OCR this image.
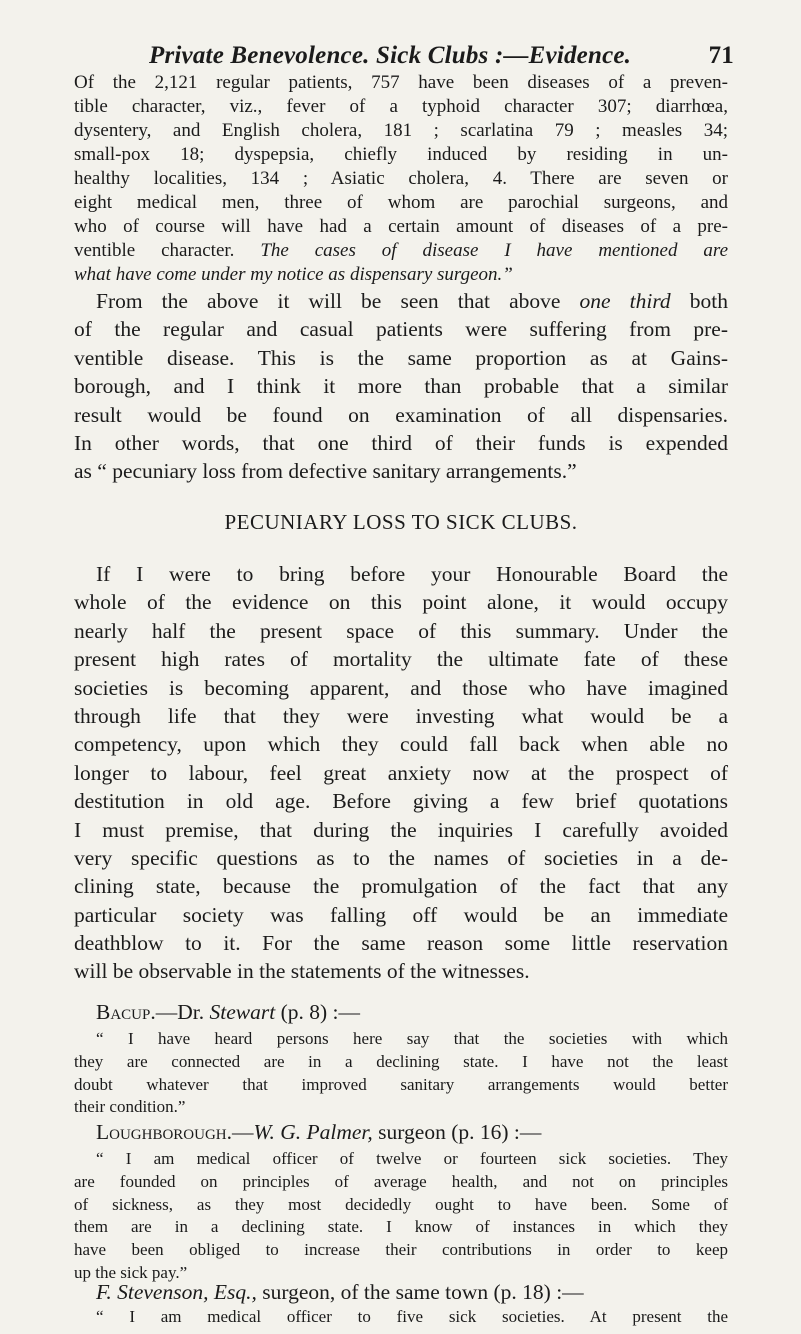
Private Benevolence. Sick Clubs :—Evidence.	71
Of the 2,121 regular patients, 757 have been diseases of a preven-
tible character, viz., fever of a typhoid character 307; diarrhœa,
dysentery, and English cholera, 181 ; scarlatina 79 ; measles 34;
small-pox 18; dyspepsia, chiefly induced by residing in un-
healthy localities, 134 ; Asiatic cholera, 4. There are seven or
eight medical men, three of whom are parochial surgeons, and
who of course will have had a certain amount of diseases of a pre-
ventible character. The cases of disease I have mentioned are
what have come under my notice as dispensary surgeon.”
From the above it will be seen that above one third both
of the regular and casual patients were suffering from pre-
ventible disease. This is the same proportion as at Gains-
borough, and I think it more than probable that a similar
result would be found on examination of all dispensaries.
In other words, that one third of their funds is expended
as “ pecuniary loss from defective sanitary arrangements.”
PECUNIARY LOSS TO SICK CLUBS.
If I were to bring before your Honourable Board the
whole of the evidence on this point alone, it would occupy
nearly half the present space of this summary. Under the
present high rates of mortality the ultimate fate of these
societies is becoming apparent, and those who have imagined
through life that they were investing what would be a
competency, upon which they could fall back when able no
longer to labour, feel great anxiety now at the prospect of
destitution in old age. Before giving a few brief quotations
I must premise, that during the inquiries I carefully avoided
very specific questions as to the names of societies in a de-
clining state, because the promulgation of the fact that any
particular society was falling off would be an immediate
deathblow to it. For the same reason some little reservation
will be observable in the statements of the witnesses.
Bacup.—Dr. Stewart (p. 8) :—
“ I have heard persons here say that the societies with which
they are connected are in a declining state. I have not the least
doubt whatever that improved sanitary arrangements would better
their condition.”
Loughborough.—W. G. Palmer, surgeon (p. 16) :—
“ I am medical officer of twelve or fourteen sick societies. They
are founded on principles of average health, and not on principles
of sickness, as they most decidedly ought to have been. Some of
them are in a declining state. I know of instances in which they
have been obliged to increase their contributions in order to keep
up the sick pay.”
F. Stevenson, Esq., surgeon, of the same town (p. 18) :—
“ I am medical officer to five sick societies. At present the
